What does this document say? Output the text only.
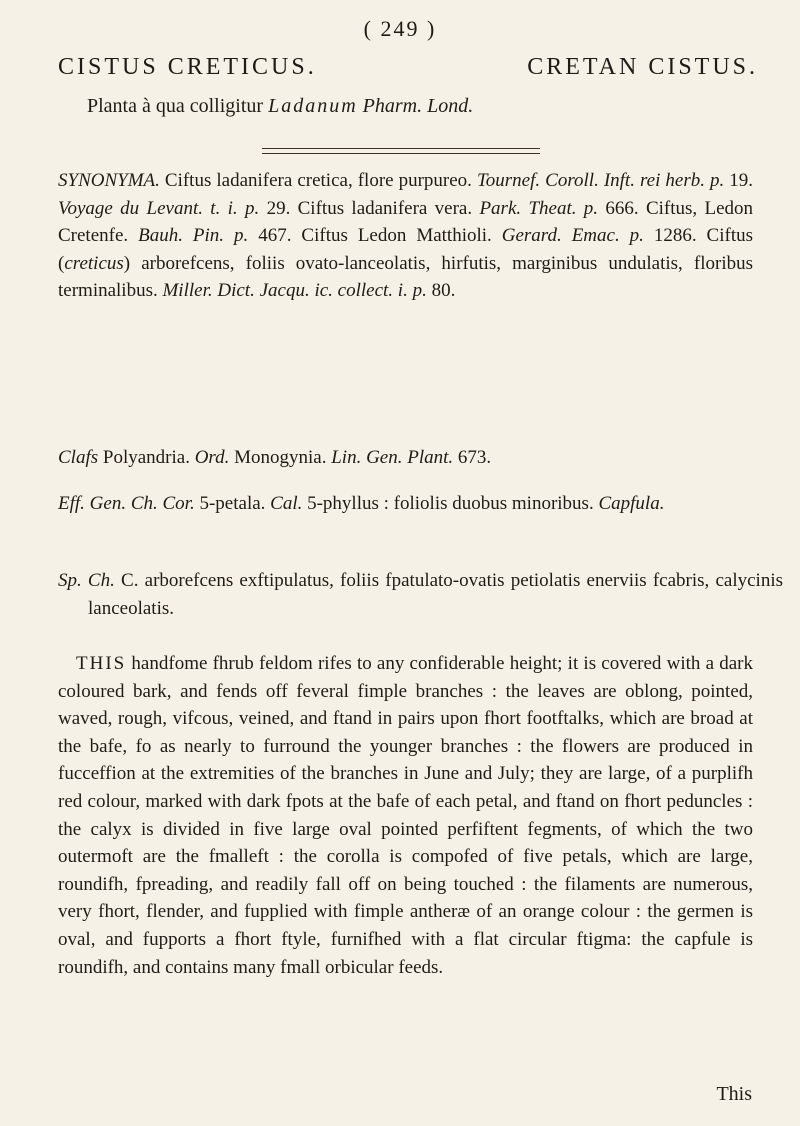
( 249 )
CISTUS CRETICUS.	CRETAN CISTUS.
Planta à qua colligitur Ladanum Pharm. Lond.
SYNONYMA. Ciftus ladanifera cretica, flore purpureo. Tournef. Coroll. Inft. rei herb. p. 19. Voyage du Levant. t. i. p. 29. Ciftus ladanifera vera. Park. Theat. p. 666. Ciftus, Ledon Cretenfe. Bauh. Pin. p. 467. Ciftus Ledon Matthioli. Gerard. Emac. p. 1286. Ciftus (creticus) arborefcens, foliis ovato-lanceolatis, hirfutis, marginibus undulatis, floribus terminalibus. Miller. Dict. Jacqu. ic. collect. i. p. 80.
Clafs Polyandria. Ord. Monogynia. Lin. Gen. Plant. 673.
Eff. Gen. Ch. Cor. 5-petala. Cal. 5-phyllus : foliolis duobus minoribus. Capfula.
Sp. Ch. C. arborefcens exftipulatus, foliis fpatulato-ovatis petiolatis enerviis fcabris, calycinis lanceolatis.
THIS handfome fhrub feldom rifes to any confiderable height; it is covered with a dark coloured bark, and fends off feveral fimple branches : the leaves are oblong, pointed, waved, rough, vifcous, veined, and ftand in pairs upon fhort footftalks, which are broad at the bafe, fo as nearly to furround the younger branches : the flowers are produced in fucceffion at the extremities of the branches in June and July; they are large, of a purplifh red colour, marked with dark fpots at the bafe of each petal, and ftand on fhort peduncles : the calyx is divided in five large oval pointed perfiftent fegments, of which the two outermoft are the fmalleft : the corolla is compofed of five petals, which are large, roundifh, fpreading, and readily fall off on being touched : the filaments are numerous, very fhort, flender, and fupplied with fimple antheræ of an orange colour : the germen is oval, and fupports a fhort ftyle, furnifhed with a flat circular ftigma: the capfule is roundifh, and contains many fmall orbicular feeds.
This
